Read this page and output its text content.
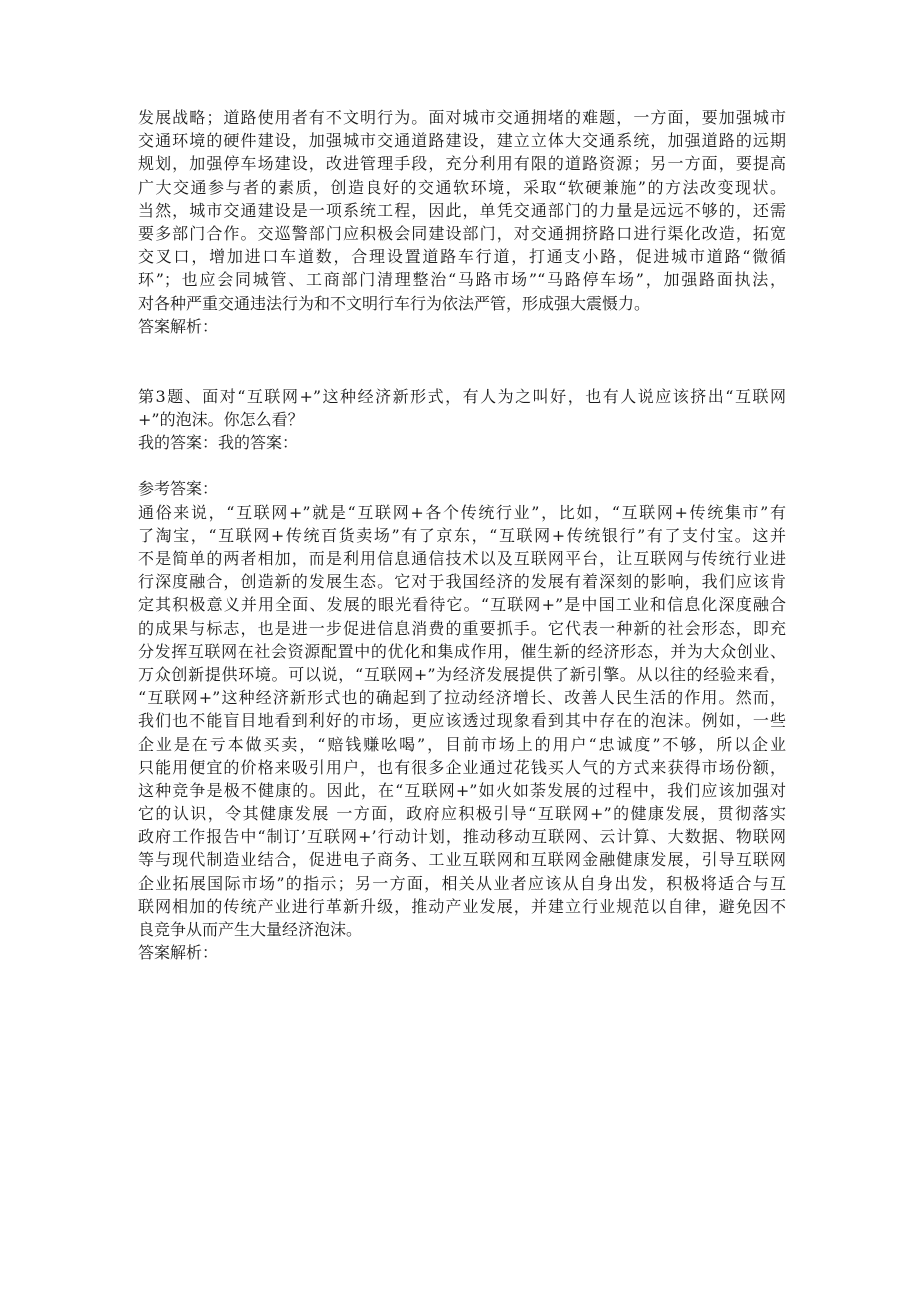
发展战略；道路使用者有不文明行为。面对城市交通拥堵的难题，一方面，要加强城市
交通环境的硬件建设，加强城市交通道路建设，建立立体大交通系统，加强道路的远期
规划，加强停车场建设，改进管理手段，充分利用有限的道路资源；另一方面，要提高
广大交通参与者的素质，创造良好的交通软环境，采取“软硬兼施”的方法改变现状。
当然，城市交通建设是一项系统工程，因此，单凭交通部门的力量是远远不够的，还需
要多部门合作。交巡警部门应积极会同建设部门，对交通拥挤路口进行渠化改造，拓宽
交叉口，增加进口车道数，合理设置道路车行道，打通支小路，促进城市道路“微循
环”；也应会同城管、工商部门清理整治“马路市场”“马路停车场”，加强路面执法，
对各种严重交通违法行为和不文明行车行为依法严管，形成强大震慑力。
答案解析：
第3题、面对“互联网+”这种经济新形式，有人为之叫好，也有人说应该挤出“互联网
+”的泡沫。你怎么看？
我的答案：我的答案：
参考答案：
通俗来说，“互联网+”就是“互联网+各个传统行业”，比如，“互联网+传统集市”有
了淘宝，“互联网+传统百货卖场”有了京东，“互联网+传统银行”有了支付宝。这并
不是简单的两者相加，而是利用信息通信技术以及互联网平台，让互联网与传统行业进
行深度融合，创造新的发展生态。它对于我国经济的发展有着深刻的影响，我们应该肯
定其积极意义并用全面、发展的眼光看待它。“互联网+”是中国工业和信息化深度融合
的成果与标志，也是进一步促进信息消费的重要抓手。它代表一种新的社会形态，即充
分发挥互联网在社会资源配置中的优化和集成作用，催生新的经济形态，并为大众创业、
万众创新提供环境。可以说，“互联网+”为经济发展提供了新引擎。从以往的经验来看，
“互联网+”这种经济新形式也的确起到了拉动经济增长、改善人民生活的作用。然而，
我们也不能盲目地看到利好的市场，更应该透过现象看到其中存在的泡沫。例如，一些
企业是在亏本做买卖，“赔钱赚吆喝”，目前市场上的用户“忠诚度”不够，所以企业
只能用便宜的价格来吸引用户，也有很多企业通过花钱买人气的方式来获得市场份额，
这种竞争是极不健康的。因此，在“互联网+”如火如荼发展的过程中，我们应该加强对
它的认识，令其健康发展 一方面，政府应积极引导“互联网+”的健康发展，贯彻落实
政府工作报告中“制订’互联网+’行动计划，推动移动互联网、云计算、大数据、物联网
等与现代制造业结合，促进电子商务、工业互联网和互联网金融健康发展，引导互联网
企业拓展国际市场”的指示；另一方面，相关从业者应该从自身出发，积极将适合与互
联网相加的传统产业进行革新升级，推动产业发展，并建立行业规范以自律，避免因不
良竞争从而产生大量经济泡沫。
答案解析：
